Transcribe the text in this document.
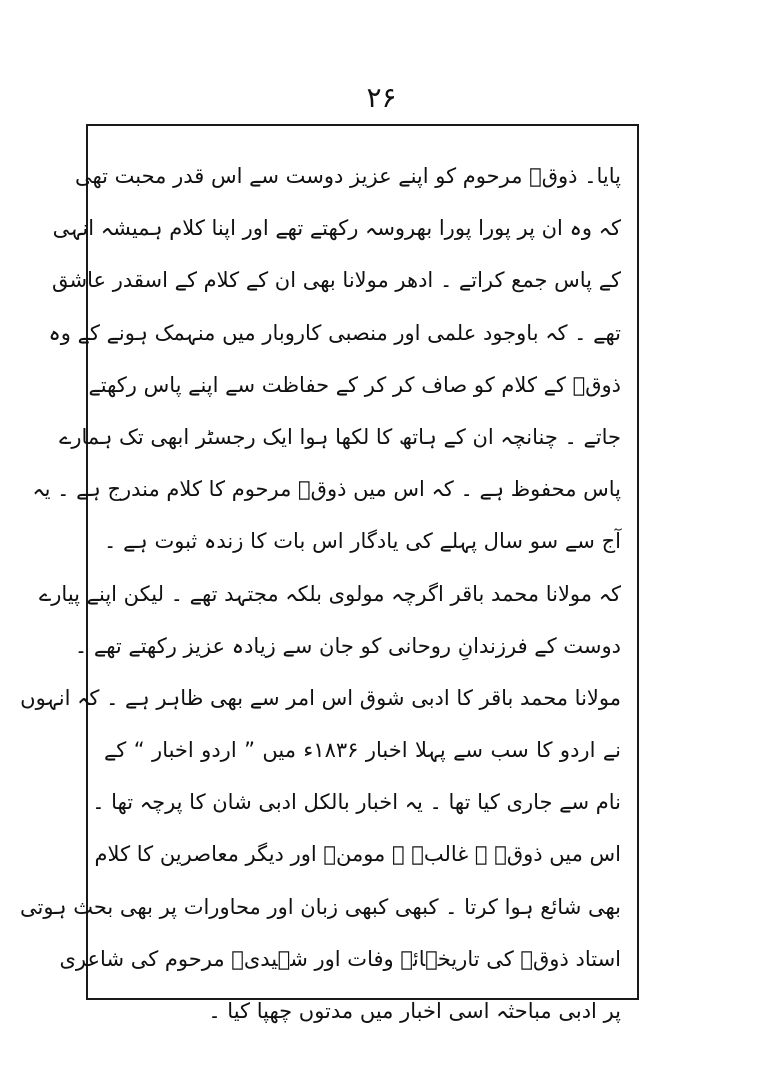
۲۶
پایا۔ ذوقؔ مرحوم کو اپنے عزیز دوست سے اس قدر محبت تھی
کہ وہ ان پر پورا پورا بھروسہ رکھتے تھے اور اپنا کلام ہمیشہ انہی
کے پاس جمع کراتے ۔ ادھر مولانا بھی ان کے کلام کے اسقدر عاشق
تھے ۔ کہ باوجود علمی اور منصبی کاروبار میں منہمک ہونے کے وہ
ذوقؔ کے کلام کو صاف کر کر کے حفاظت سے اپنے پاس رکھتے
جاتے ۔ چنانچہ ان کے ہاتھ کا لکھا ہوا ایک رجسٹر ابھی تک ہمارے
پاس محفوظ ہے ۔ کہ اس میں ذوقؔ مرحوم کا کلام مندرج ہے ۔ یہ
آج سے سو سال پہلے کی یادگار اس بات کا زندہ ثبوت ہے ۔
کہ مولانا محمد باقر اگرچہ مولوی بلکہ مجتہد تھے ۔ لیکن اپنے پیارے
دوست کے فرزندانِ روحانی کو جان سے زیادہ عزیز رکھتے تھے ۔
مولانا محمد باقر کا ادبی شوق اس امر سے بھی ظاہر ہے ۔ کہ انہوں
نے اردو کا سب سے پہلا اخبار ۱۸۳۶ء میں ” اردو اخبار “ کے
نام سے جاری کیا تھا ۔ یہ اخبار بالکل ادبی شان کا پرچہ تھا ۔
اس میں ذوقؔ ۔ غالبؔ ۔ مومنؔ اور دیگر معاصرین کا کلام
بھی شائع ہوا کرتا ۔ کبھی کبھی زبان اور محاورات پر بھی بحث ہوتی
استاد ذوقؔ کی تاریخہائے وفات اور شہیدیؔ مرحوم کی شاعری
پر ادبی مباحثہ اسی اخبار میں مدتوں چھپا کیا ۔
